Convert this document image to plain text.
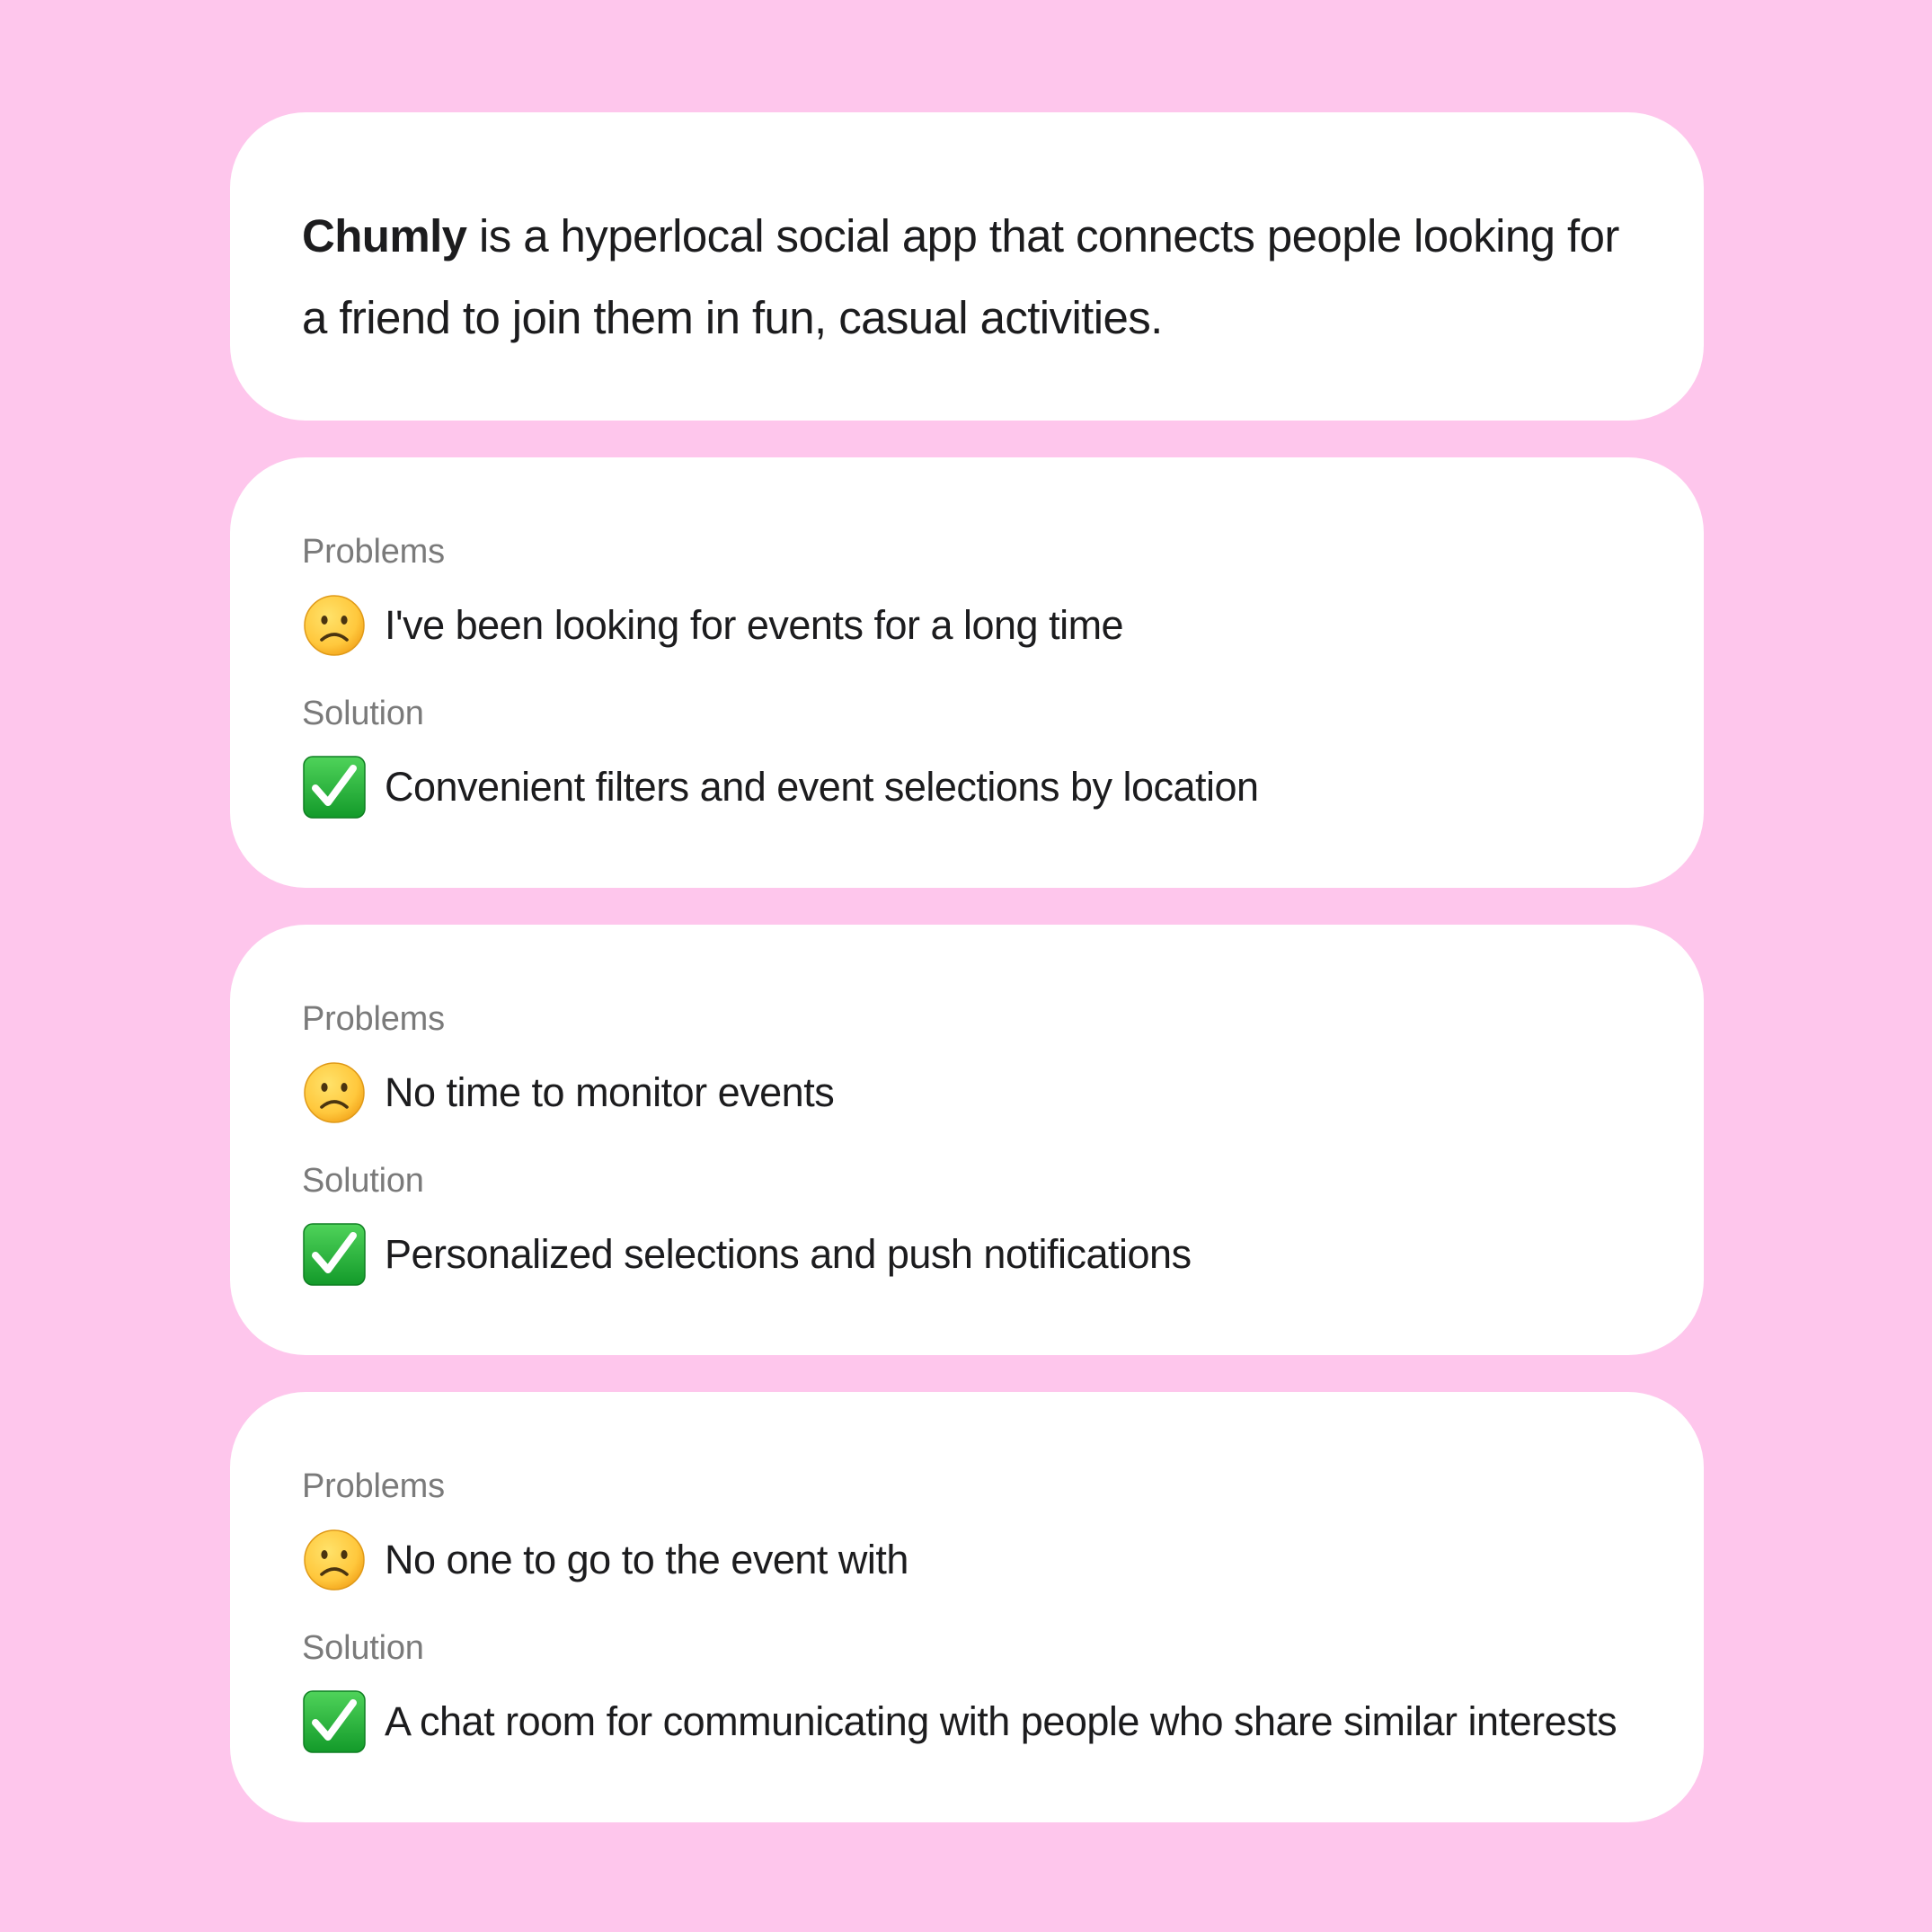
Chumly is a hyperlocal social app that connects people looking for a friend to join them in fun, casual activities.

Problems
I've been looking for events for a long time
Solution
Convenient filters and event selections by location
Problems
No time to monitor events
Solution
Personalized selections and push notifications
Problems
No one to go to the event with
Solution
A chat room for communicating with people who share similar interests
